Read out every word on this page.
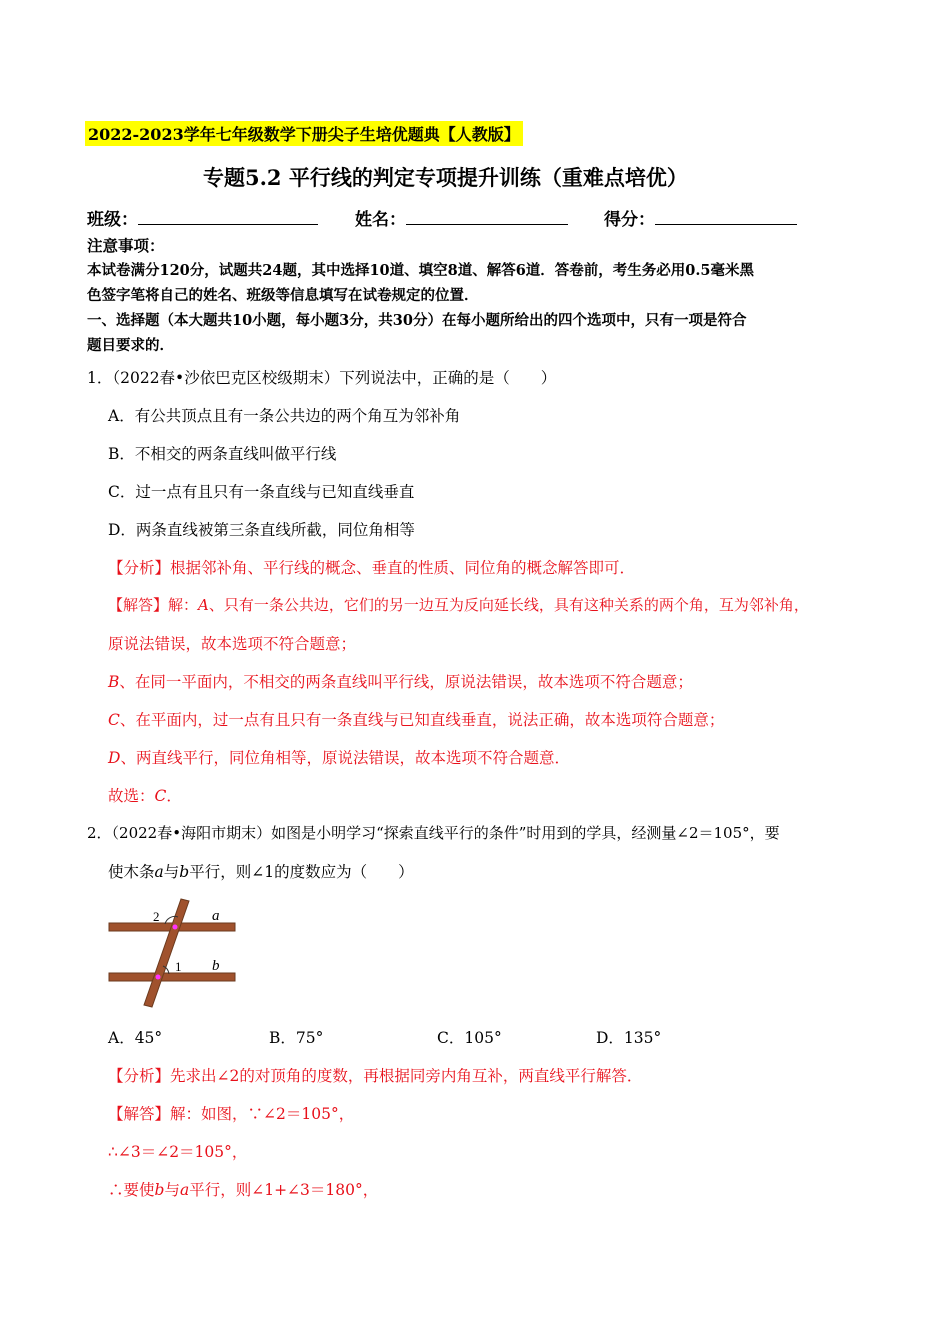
2022-2023学年七年级数学下册尖子生培优题典【人教版】
专题5.2 平行线的判定专项提升训练（重难点培优）
班级：	姓名：	得分：
注意事项：
本试卷满分120分，试题共24题，其中选择10道、填空8道、解答6道．答卷前，考生务必用0.5毫米黑
色签字笔将自己的姓名、班级等信息填写在试卷规定的位置．
一、选择题（本大题共10小题，每小题3分，共30分）在每小题所给出的四个选项中，只有一项是符合
题目要求的．
1．（2022春•沙依巴克区校级期末）下列说法中，正确的是（　　）
A．有公共顶点且有一条公共边的两个角互为邻补角
B．不相交的两条直线叫做平行线
C．过一点有且只有一条直线与已知直线垂直
D．两条直线被第三条直线所截，同位角相等
【分析】根据邻补角、平行线的概念、垂直的性质、同位角的概念解答即可．
【解答】解：A、只有一条公共边，它们的另一边互为反向延长线，具有这种关系的两个角，互为邻补角，
原说法错误，故本选项不符合题意；
B、在同一平面内，不相交的两条直线叫平行线，原说法错误，故本选项不符合题意；
C、在平面内，过一点有且只有一条直线与已知直线垂直，说法正确，故本选项符合题意；
D、两直线平行，同位角相等，原说法错误，故本选项不符合题意．
故选：C．
2．（2022春•海阳市期末）如图是小明学习“探索直线平行的条件”时用到的学具，经测量∠2＝105°，要
使木条a与b平行，则∠1的度数应为（　　）
2
1
a
b
A．45°	B．75°	C．105°	D．135°
【分析】先求出∠2的对顶角的度数，再根据同旁内角互补，两直线平行解答．
【解答】解：如图，∵∠2＝105°，
∴∠3＝∠2＝105°，
∴要使b与a平行，则∠1+∠3＝180°，
